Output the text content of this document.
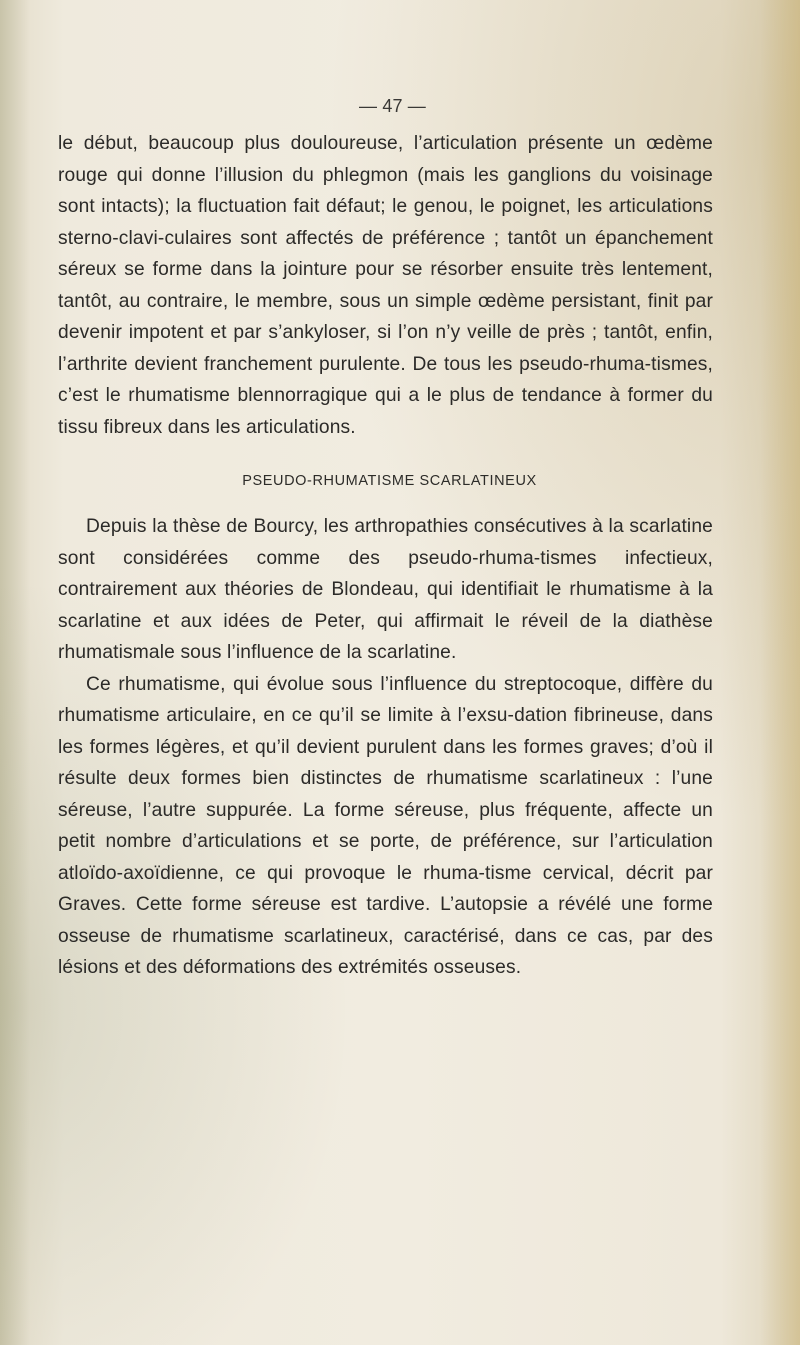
— 47 —

le début, beaucoup plus douloureuse, l’articulation présente un œdème rouge qui donne l’illusion du phlegmon (mais les ganglions du voisinage sont intacts); la fluctuation fait défaut; le genou, le poignet, les articulations sterno-clavi-culaires sont affectés de préférence ; tantôt un épanchement séreux se forme dans la jointure pour se résorber ensuite très lentement, tantôt, au contraire, le membre, sous un simple œdème persistant, finit par devenir impotent et par s’ankyloser, si l’on n’y veille de près ; tantôt, enfin, l’arthrite devient franchement purulente. De tous les pseudo-rhuma-tismes, c’est le rhumatisme blennorragique qui a le plus de tendance à former du tissu fibreux dans les articulations.

PSEUDO-RHUMATISME SCARLATINEUX

Depuis la thèse de Bourcy, les arthropathies consécutives à la scarlatine sont considérées comme des pseudo-rhuma-tismes infectieux, contrairement aux théories de Blondeau, qui identifiait le rhumatisme à la scarlatine et aux idées de Peter, qui affirmait le réveil de la diathèse rhumatismale sous l’influence de la scarlatine.

Ce rhumatisme, qui évolue sous l’influence du streptocoque, diffère du rhumatisme articulaire, en ce qu’il se limite à l’exsu-dation fibrineuse, dans les formes légères, et qu’il devient purulent dans les formes graves; d’où il résulte deux formes bien distinctes de rhumatisme scarlatineux : l’une séreuse, l’autre suppurée. La forme séreuse, plus fréquente, affecte un petit nombre d’articulations et se porte, de préférence, sur l’articulation atloïdo-axoïdienne, ce qui provoque le rhuma-tisme cervical, décrit par Graves. Cette forme séreuse est tardive. L’autopsie a révélé une forme osseuse de rhumatisme scarlatineux, caractérisé, dans ce cas, par des lésions et des déformations des extrémités osseuses.
